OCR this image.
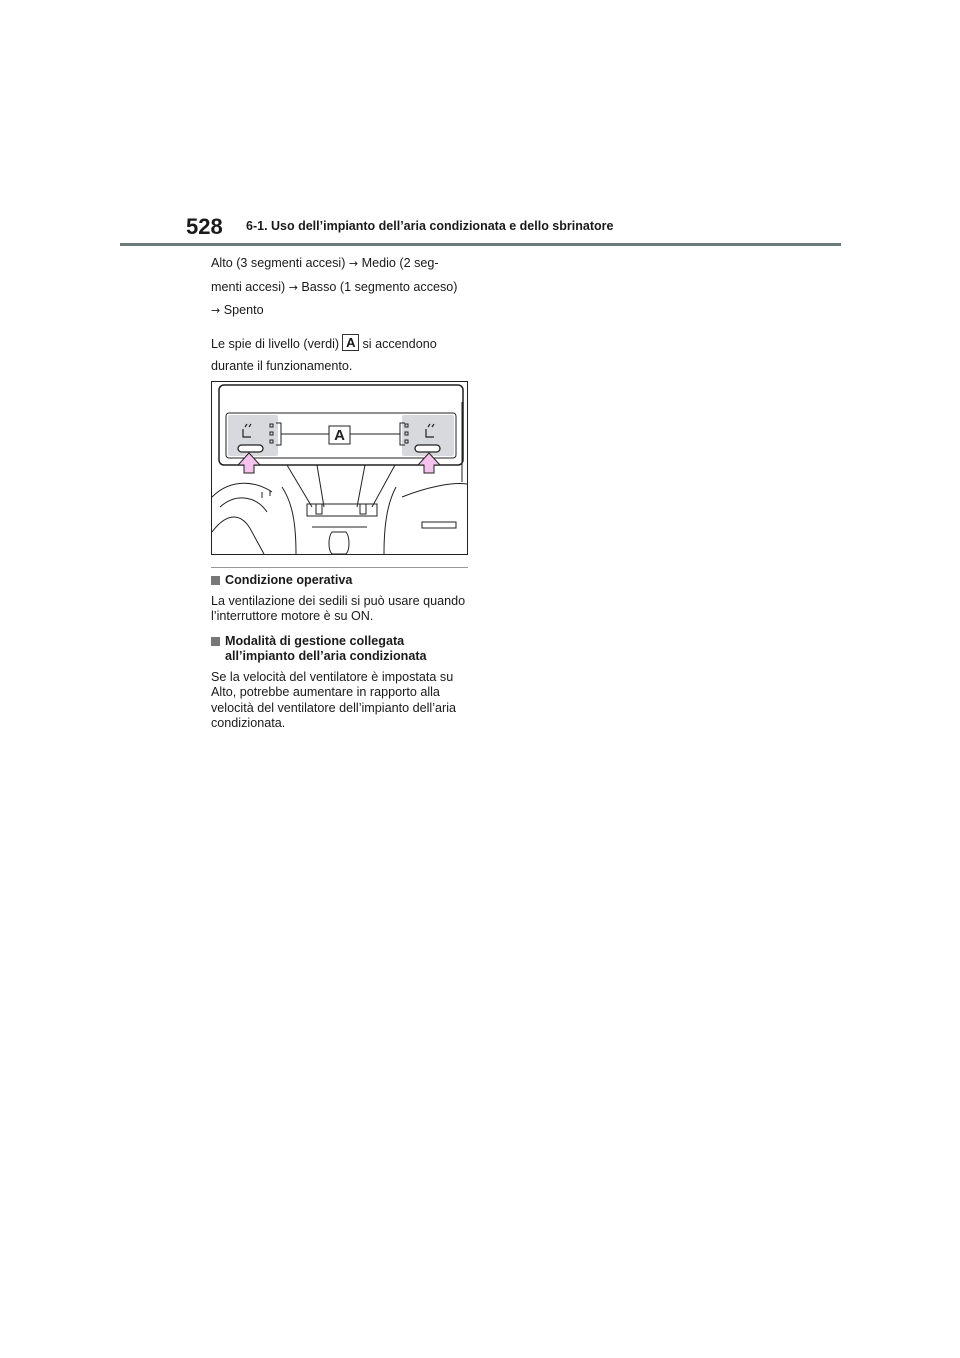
528 6-1. Uso dell’impianto dell’aria condizionata e dello sbrinatore

Alto (3 segmenti accesi) → Medio (2 seg-

menti accesi) → Basso (1 segmento acceso)

→ Spento

Le spie di livello (verdi) A si accendono

durante il funzionamento.

A

Condizione operativa

La ventilazione dei sedili si può usare quando l’interruttore motore è su ON.

Modalità di gestione collegata all’impianto dell’aria condizionata

Se la velocità del ventilatore è impostata su Alto, potrebbe aumentare in rapporto alla velocità del ventilatore dell’impianto dell’aria condizionata.
